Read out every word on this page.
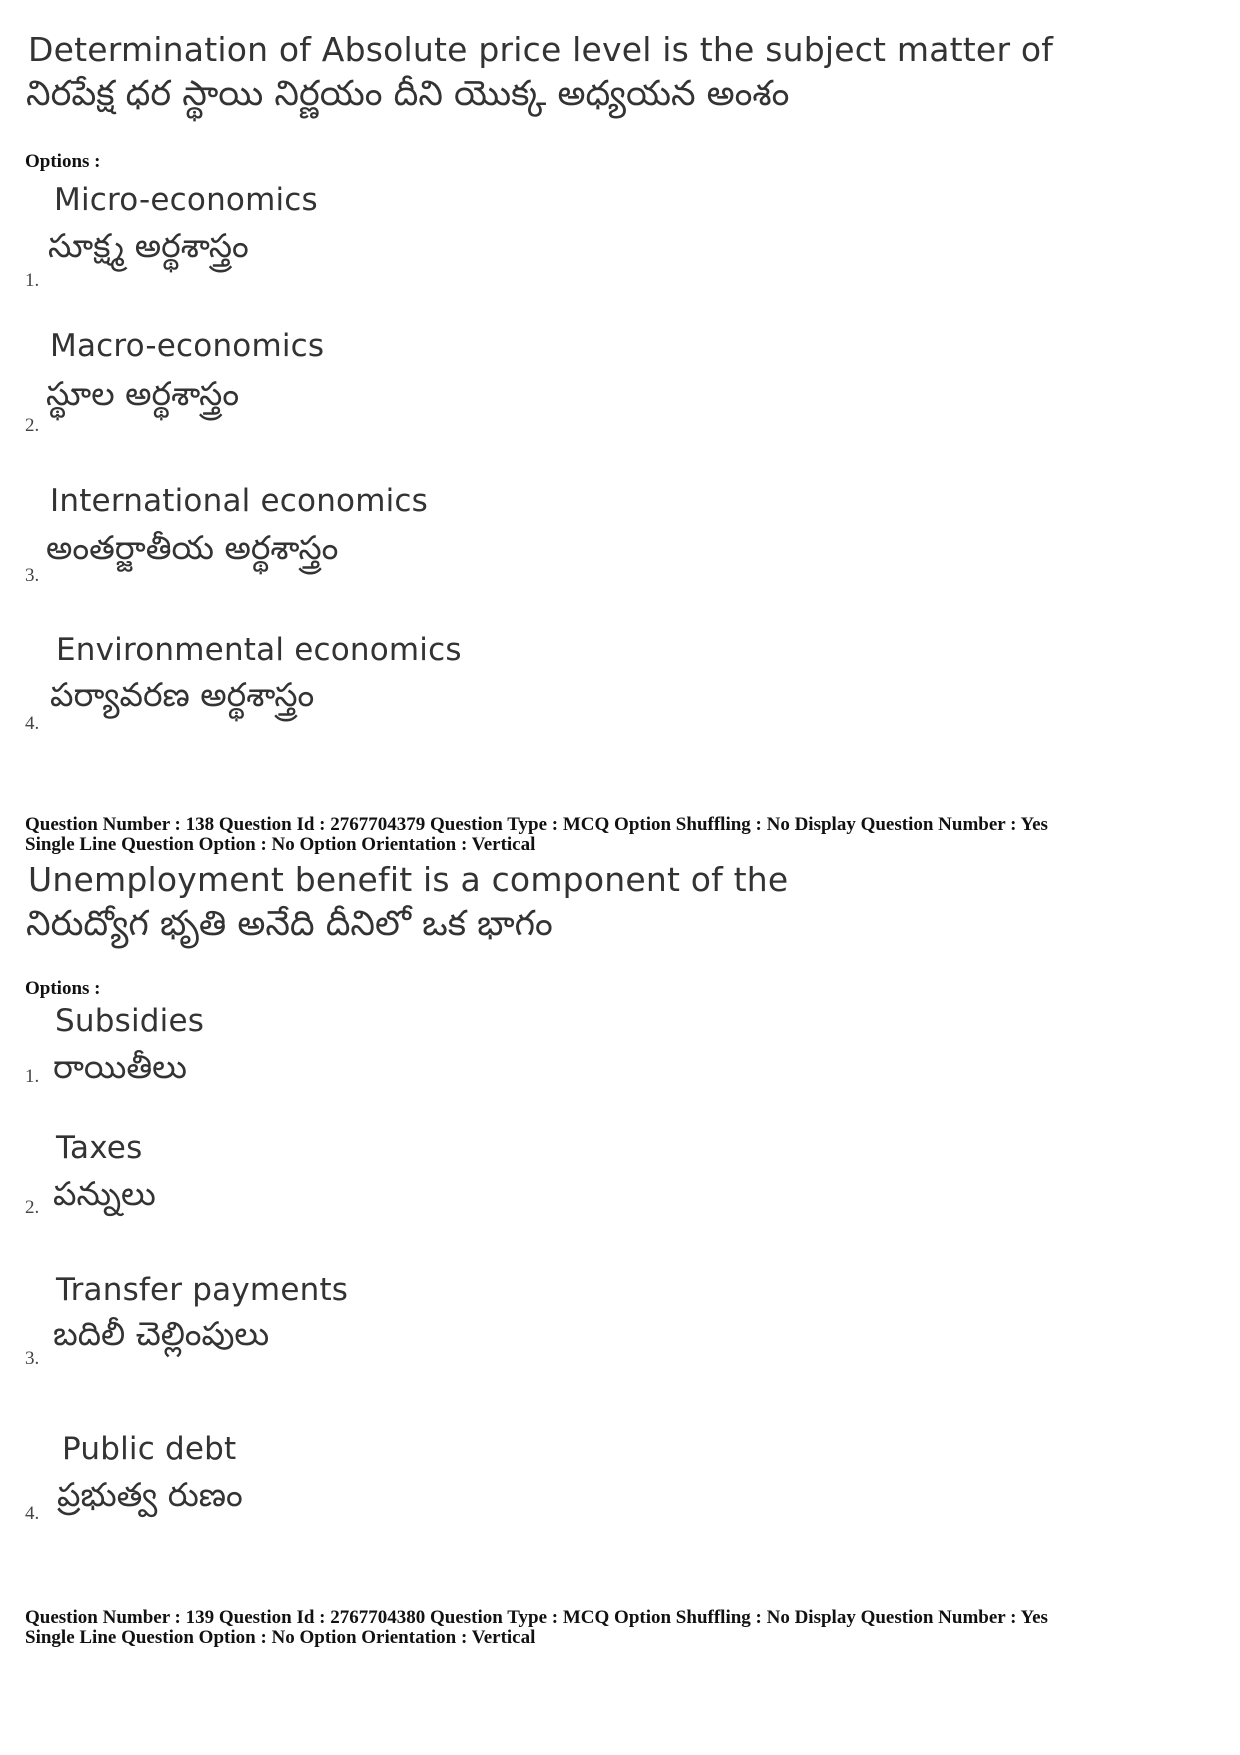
Determination of Absolute price level is the subject matter of
నిరపేక్ష ధర స్థాయి నిర్ణయం దీని యొక్క అధ్యయన అంశం
Options :
Micro-economics
సూక్ష్మ అర్థశాస్త్రం
1.
Macro-economics
స్థూల అర్థశాస్త్రం
2.
International economics
అంతర్జాతీయ అర్థశాస్త్రం
3.
Environmental economics
పర్యావరణ అర్థశాస్త్రం
4.
Question Number : 138 Question Id : 2767704379 Question Type : MCQ Option Shuffling : No Display Question Number : Yes
Single Line Question Option : No Option Orientation : Vertical
Unemployment benefit is a component of the
నిరుద్యోగ భృతి అనేది దీనిలో ఒక భాగం
Options :
Subsidies
రాయితీలు
1.
Taxes
పన్నులు
2.
Transfer payments
బదిలీ చెల్లింపులు
3.
Public debt
ప్రభుత్వ రుణం
4.
Question Number : 139 Question Id : 2767704380 Question Type : MCQ Option Shuffling : No Display Question Number : Yes
Single Line Question Option : No Option Orientation : Vertical
